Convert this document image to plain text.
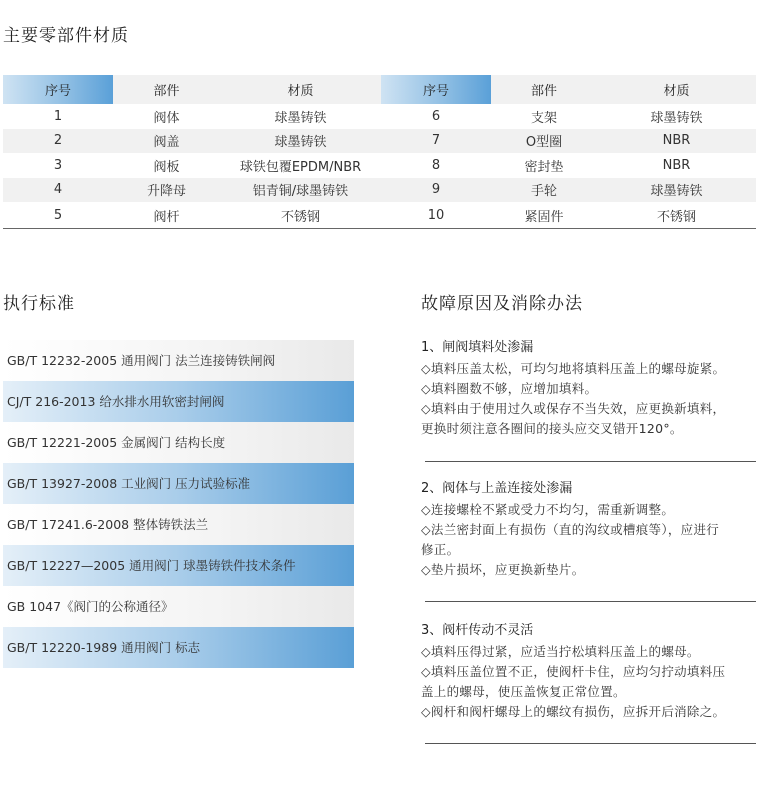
主要零部件材质
执行标准	故障原因及消除办法
序号	部件	材质	序号	部件	材质
1	阀体	球墨铸铁	6	支架	球墨铸铁
2	阀盖	球墨铸铁	7	O型圈	NBR
3	阀板	球铁包覆EPDM/NBR	8	密封垫	NBR
4	升降母	铝青铜/球墨铸铁	9	手轮	球墨铸铁
5	阀杆	不锈钢	10	紧固件	不锈钢
GB/T 12232-2005 通用阀门 法兰连接铸铁闸阀
CJ/T 216-2013 给水排水用软密封闸阀
GB/T 12221-2005 金属阀门 结构长度
GB/T 13927-2008 工业阀门 压力试验标准
GB/T 17241.6-2008 整体铸铁法兰
GB/T 12227—2005 通用阀门 球墨铸铁件技术条件
GB 1047《阀门的公称通径》
GB/T 12220-1989 通用阀门 标志
1、闸阀填料处渗漏

◇填料压盖太松，可均匀地将填料压盖上的螺母旋紧。

◇填料圈数不够，应增加填料。

◇填料由于使用过久或保存不当失效，应更换新填料，

更换时须注意各圈间的接头应交叉错开120°。

2、阀体与上盖连接处渗漏

◇连接螺栓不紧或受力不均匀，需重新调整。

◇法兰密封面上有损伤（直的沟纹或槽痕等），应进行

修正。

◇垫片损坏，应更换新垫片。

3、阀杆传动不灵活

◇填料压得过紧，应适当拧松填料压盖上的螺母。

◇填料压盖位置不正，使阀杆卡住，应均匀拧动填料压

盖上的螺母，使压盖恢复正常位置。

◇阀杆和阀杆螺母上的螺纹有损伤，应拆开后消除之。
